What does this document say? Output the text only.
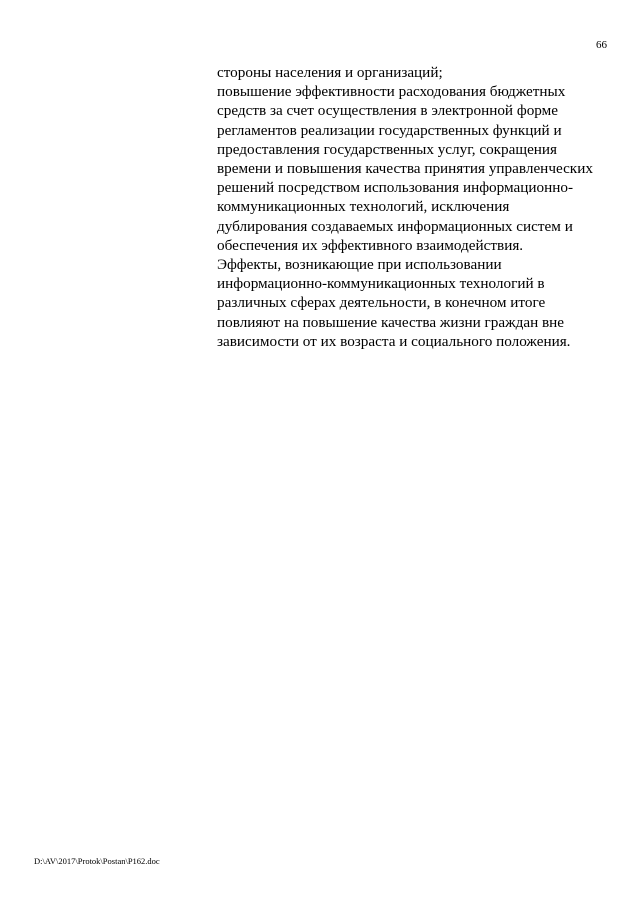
66
стороны населения и организаций;
повышение эффективности расходования бюджетных
средств за счет осуществления в электронной форме
регламентов реализации государственных функций и
предоставления государственных услуг, сокращения
времени и повышения качества принятия управленческих
решений посредством использования информационно-
коммуникационных технологий, исключения
дублирования создаваемых информационных систем и
обеспечения их эффективного взаимодействия.
Эффекты, возникающие при использовании
информационно-коммуникационных технологий в
различных сферах деятельности, в конечном итоге
повлияют на повышение качества жизни граждан вне
зависимости от их возраста и социального положения.
D:\AV\2017\Protok\Postan\P162.doc
